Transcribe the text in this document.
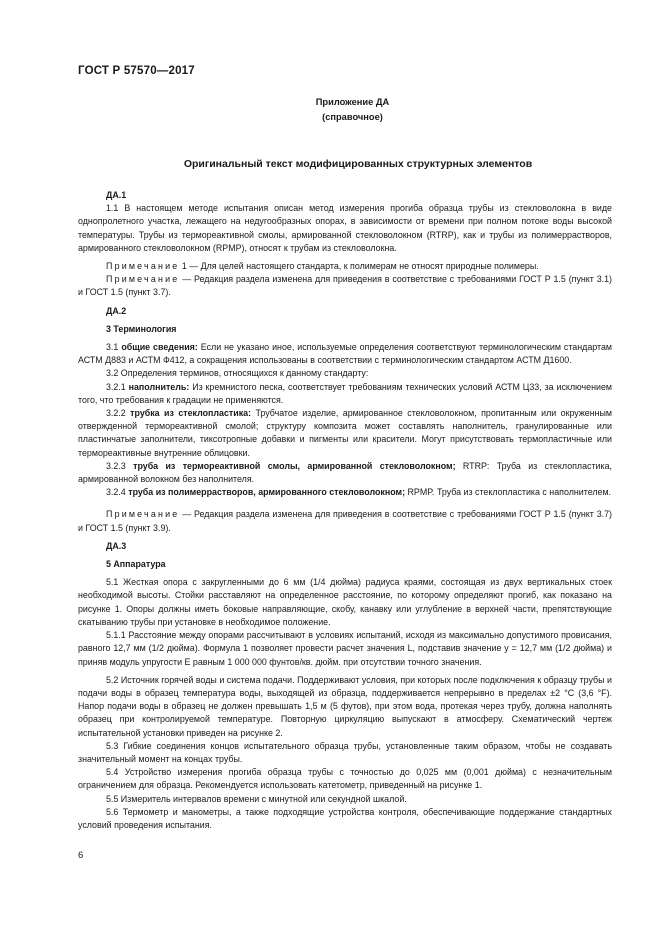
ГОСТ Р 57570—2017
Приложение ДА
(справочное)
Оригинальный текст модифицированных структурных элементов
ДА.1

1.1 В настоящем методе испытания описан метод измерения прогиба образца трубы из стекловолокна в виде однопролетного участка, лежащего на недугообразных опорах, в зависимости от времени при полном потоке воды высокой температуры. Трубы из термореактивной смолы, армированной стекловолокном (RTRP), как и трубы из полимеррастворов, армированного стекловолокном (RPMP), относят к трубам из стекловолокна.

Примечание 1 — Для целей настоящего стандарта, к полимерам не относят природные полимеры.

Примечание — Редакция раздела изменена для приведения в соответствие с требованиями ГОСТ Р 1.5 (пункт 3.1) и ГОСТ 1.5 (пункт 3.7).

ДА.2
3 Терминология

3.1 общие сведения: Если не указано иное, используемые определения соответствуют терминологическим стандартам АСТМ Д883 и АСТМ Ф412, а сокращения использованы в соответствии с терминологическим стандартом АСТМ Д1600.

3.2 Определения терминов, относящихся к данному стандарту:

3.2.1 наполнитель: Из кремнистого песка, соответствует требованиям технических условий АСТМ Ц33, за исключением того, что требования к градации не применяются.

3.2.2 трубка из стеклопластика: Трубчатое изделие, армированное стекловолокном, пропитанным или окруженным отвержденной термореактивной смолой; структуру композита может составлять наполнитель, гранулированные или пластинчатые заполнители, тиксотропные добавки и пигменты или красители. Могут присутствовать термопластичные или термореактивные внутренние облицовки.

3.2.3 труба из термореактивной смолы, армированной стекловолокном; RTRP: Труба из стеклопластика, армированной волокном без наполнителя.

3.2.4 труба из полимеррастворов, армированного стекловолокном; RPMP. Труба из стеклопластика с наполнителем.

Примечание — Редакция раздела изменена для приведения в соответствие с требованиями ГОСТ Р 1.5 (пункт 3.7) и ГОСТ 1.5 (пункт 3.9).

ДА.3
5 Аппаратура

5.1 Жесткая опора с закругленными до 6 мм (1/4 дюйма) радиуса краями, состоящая из двух вертикальных стоек необходимой высоты. Стойки расставляют на определенное расстояние, по которому определяют прогиб, как показано на рисунке 1. Опоры должны иметь боковые направляющие, скобу, канавку или углубление в верхней части, препятствующие скатыванию трубы при установке в необходимое положение.

5.1.1 Расстояние между опорами рассчитывают в условиях испытаний, исходя из максимально допустимого провисания, равного 12,7 мм (1/2 дюйма). Формула 1 позволяет провести расчет значения L, подставив значение y = 12,7 мм (1/2 дюйма) и приняв модуль упругости E равным 1 000 000 фунтов/кв. дюйм. при отсутствии точного значения.

5.2 Источник горячей воды и система подачи. Поддерживают условия, при которых после подключения к образцу трубы и подачи воды в образец температура воды, выходящей из образца, поддерживается непрерывно в пределах ±2 °С (3,6 °F). Напор подачи воды в образец не должен превышать 1,5 м (5 футов), при этом вода, протекая через трубу, должна наполнять образец при контролируемой температуре. Повторную циркуляцию выпускают в атмосферу. Схематический чертеж испытательной установки приведен на рисунке 2.

5.3 Гибкие соединения концов испытательного образца трубы, установленные таким образом, чтобы не создавать значительный момент на концах трубы.

5.4 Устройство измерения прогиба образца трубы с точностью до 0,025 мм (0,001 дюйма) с незначительным ограничением для образца. Рекомендуется использовать катетометр, приведенный на рисунке 1.

5.5 Измеритель интервалов времени с минутной или секундной шкалой.

5.6 Термометр и манометры, а также подходящие устройства контроля, обеспечивающие поддержание стандартных условий проведения испытания.

6
